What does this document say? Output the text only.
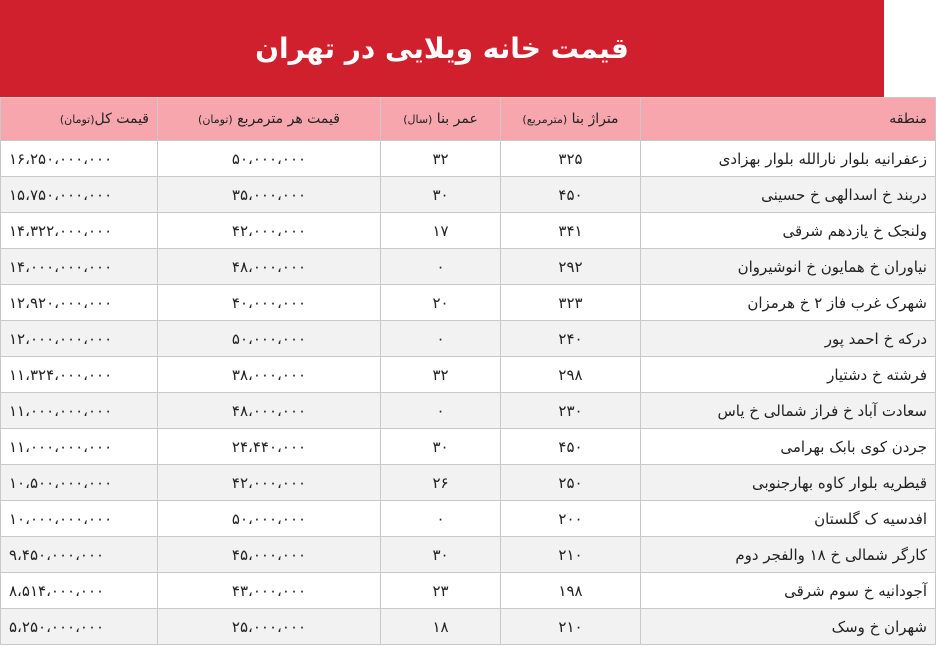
قیمت خانه ویلایی در تهران
منطقه	متراژ بنا (مترمربع)	عمر بنا (سال)	قیمت هر مترمربع (تومان)	قیمت کل(تومان)
زعفرانیه بلوار نارالله بلوار بهزادی	۳۲۵	۳۲	۵۰،۰۰۰،۰۰۰	۱۶،۲۵۰،۰۰۰،۰۰۰
دربند خ اسدالهی خ حسینی	۴۵۰	۳۰	۳۵،۰۰۰،۰۰۰	۱۵،۷۵۰،۰۰۰،۰۰۰
ولنجک خ یازدهم شرقی	۳۴۱	۱۷	۴۲،۰۰۰،۰۰۰	۱۴،۳۲۲،۰۰۰،۰۰۰
نیاوران خ همایون خ انوشیروان	۲۹۲	۰	۴۸،۰۰۰،۰۰۰	۱۴،۰۰۰،۰۰۰،۰۰۰
شهرک غرب فاز ۲ خ هرمزان	۳۲۳	۲۰	۴۰،۰۰۰،۰۰۰	۱۲،۹۲۰،۰۰۰،۰۰۰
درکه خ احمد پور	۲۴۰	۰	۵۰،۰۰۰،۰۰۰	۱۲،۰۰۰،۰۰۰،۰۰۰
فرشته خ دشتیار	۲۹۸	۳۲	۳۸،۰۰۰،۰۰۰	۱۱،۳۲۴،۰۰۰،۰۰۰
سعادت آباد خ فراز شمالی خ یاس	۲۳۰	۰	۴۸،۰۰۰،۰۰۰	۱۱،۰۰۰،۰۰۰،۰۰۰
جردن کوی بابک بهرامی	۴۵۰	۳۰	۲۴،۴۴۰،۰۰۰	۱۱،۰۰۰،۰۰۰،۰۰۰
قیطریه بلوار کاوه بهارجنوبی	۲۵۰	۲۶	۴۲،۰۰۰،۰۰۰	۱۰،۵۰۰،۰۰۰،۰۰۰
افدسیه ک گلستان	۲۰۰	۰	۵۰،۰۰۰،۰۰۰	۱۰،۰۰۰،۰۰۰،۰۰۰
کارگر شمالی خ ۱۸ والفجر دوم	۲۱۰	۳۰	۴۵،۰۰۰،۰۰۰	۹،۴۵۰،۰۰۰،۰۰۰
آجودانیه خ سوم شرقی	۱۹۸	۲۳	۴۳،۰۰۰،۰۰۰	۸،۵۱۴،۰۰۰،۰۰۰
شهران خ وسک	۲۱۰	۱۸	۲۵،۰۰۰،۰۰۰	۵،۲۵۰،۰۰۰،۰۰۰
